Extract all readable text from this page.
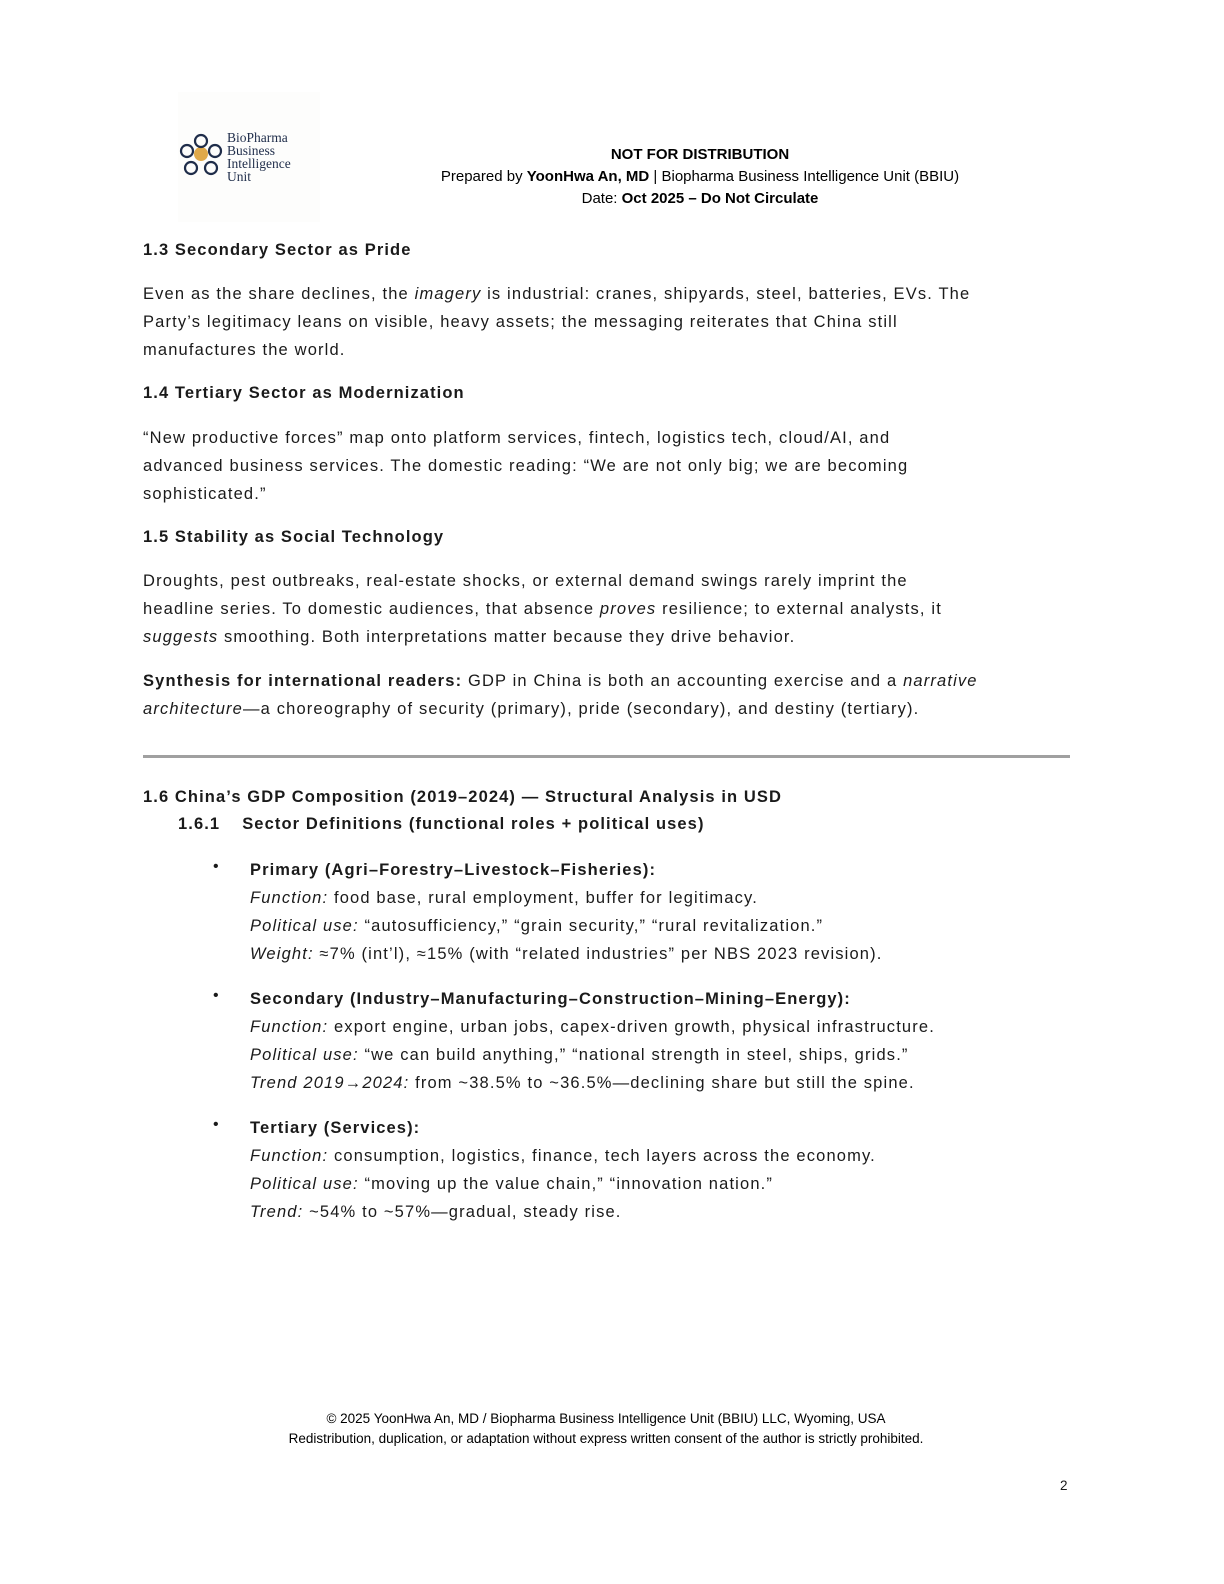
BioPharma
Business
Intelligence
Unit
NOT FOR DISTRIBUTION
Prepared by YoonHwa An, MD | Biopharma Business Intelligence Unit (BBIU)
Date: Oct 2025 – Do Not Circulate

1.3 Secondary Sector as Pride

Even as the share declines, the imagery is industrial: cranes, shipyards, steel, batteries, EVs. The

Party’s legitimacy leans on visible, heavy assets; the messaging reiterates that China still

manufactures the world.

1.4 Tertiary Sector as Modernization

“New productive forces” map onto platform services, fintech, logistics tech, cloud/AI, and

advanced business services. The domestic reading: “We are not only big; we are becoming

sophisticated.”

1.5 Stability as Social Technology

Droughts, pest outbreaks, real-estate shocks, or external demand swings rarely imprint the

headline series. To domestic audiences, that absence proves resilience; to external analysts, it

suggests smoothing. Both interpretations matter because they drive behavior.

Synthesis for international readers: GDP in China is both an accounting exercise and a narrative

architecture—a choreography of security (primary), pride (secondary), and destiny (tertiary).

1.6 China’s GDP Composition (2019–2024) — Structural Analysis in USD

1.6.1 Sector Definitions (functional roles + political uses)

• Primary (Agri–Forestry–Livestock–Fisheries):

Function: food base, rural employment, buffer for legitimacy.

Political use: “autosufficiency,” “grain security,” “rural revitalization.”

Weight: ≈7% (int’l), ≈15% (with “related industries” per NBS 2023 revision).

• Secondary (Industry–Manufacturing–Construction–Mining–Energy):

Function: export engine, urban jobs, capex-driven growth, physical infrastructure.

Political use: “we can build anything,” “national strength in steel, ships, grids.”

Trend 2019→2024: from ~38.5% to ~36.5%—declining share but still the spine.

• Tertiary (Services):

Function: consumption, logistics, finance, tech layers across the economy.

Political use: “moving up the value chain,” “innovation nation.”

Trend: ~54% to ~57%—gradual, steady rise.

© 2025 YoonHwa An, MD / Biopharma Business Intelligence Unit (BBIU) LLC, Wyoming, USA
Redistribution, duplication, or adaptation without express written consent of the author is strictly prohibited.
2
